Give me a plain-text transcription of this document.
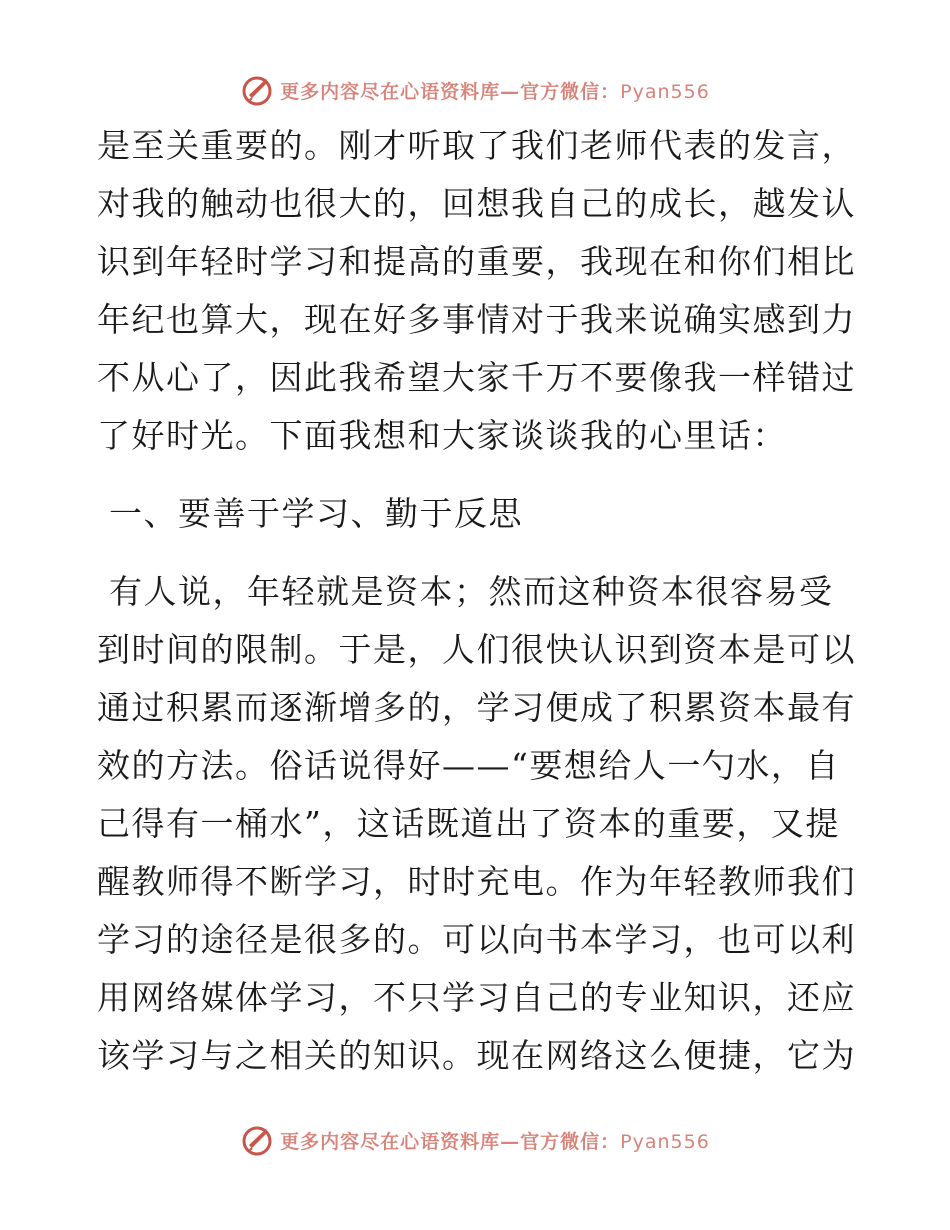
更多内容尽在心语资料库—官方微信：Pyan556
是至关重要的。刚才听取了我们老师代表的发言，
对我的触动也很大的，回想我自己的成长，越发认
识到年轻时学习和提高的重要，我现在和你们相比
年纪也算大，现在好多事情对于我来说确实感到力
不从心了，因此我希望大家千万不要像我一样错过
了好时光。下面我想和大家谈谈我的心里话：
一、要善于学习、勤于反思
有人说，年轻就是资本；然而这种资本很容易受
到时间的限制。于是，人们很快认识到资本是可以
通过积累而逐渐增多的，学习便成了积累资本最有
效的方法。俗话说得好——“要想给人一勺水，自
己得有一桶水”，这话既道出了资本的重要，又提
醒教师得不断学习，时时充电。作为年轻教师我们
学习的途径是很多的。可以向书本学习，也可以利
用网络媒体学习，不只学习自己的专业知识，还应
该学习与之相关的知识。现在网络这么便捷，它为
更多内容尽在心语资料库—官方微信：Pyan556
